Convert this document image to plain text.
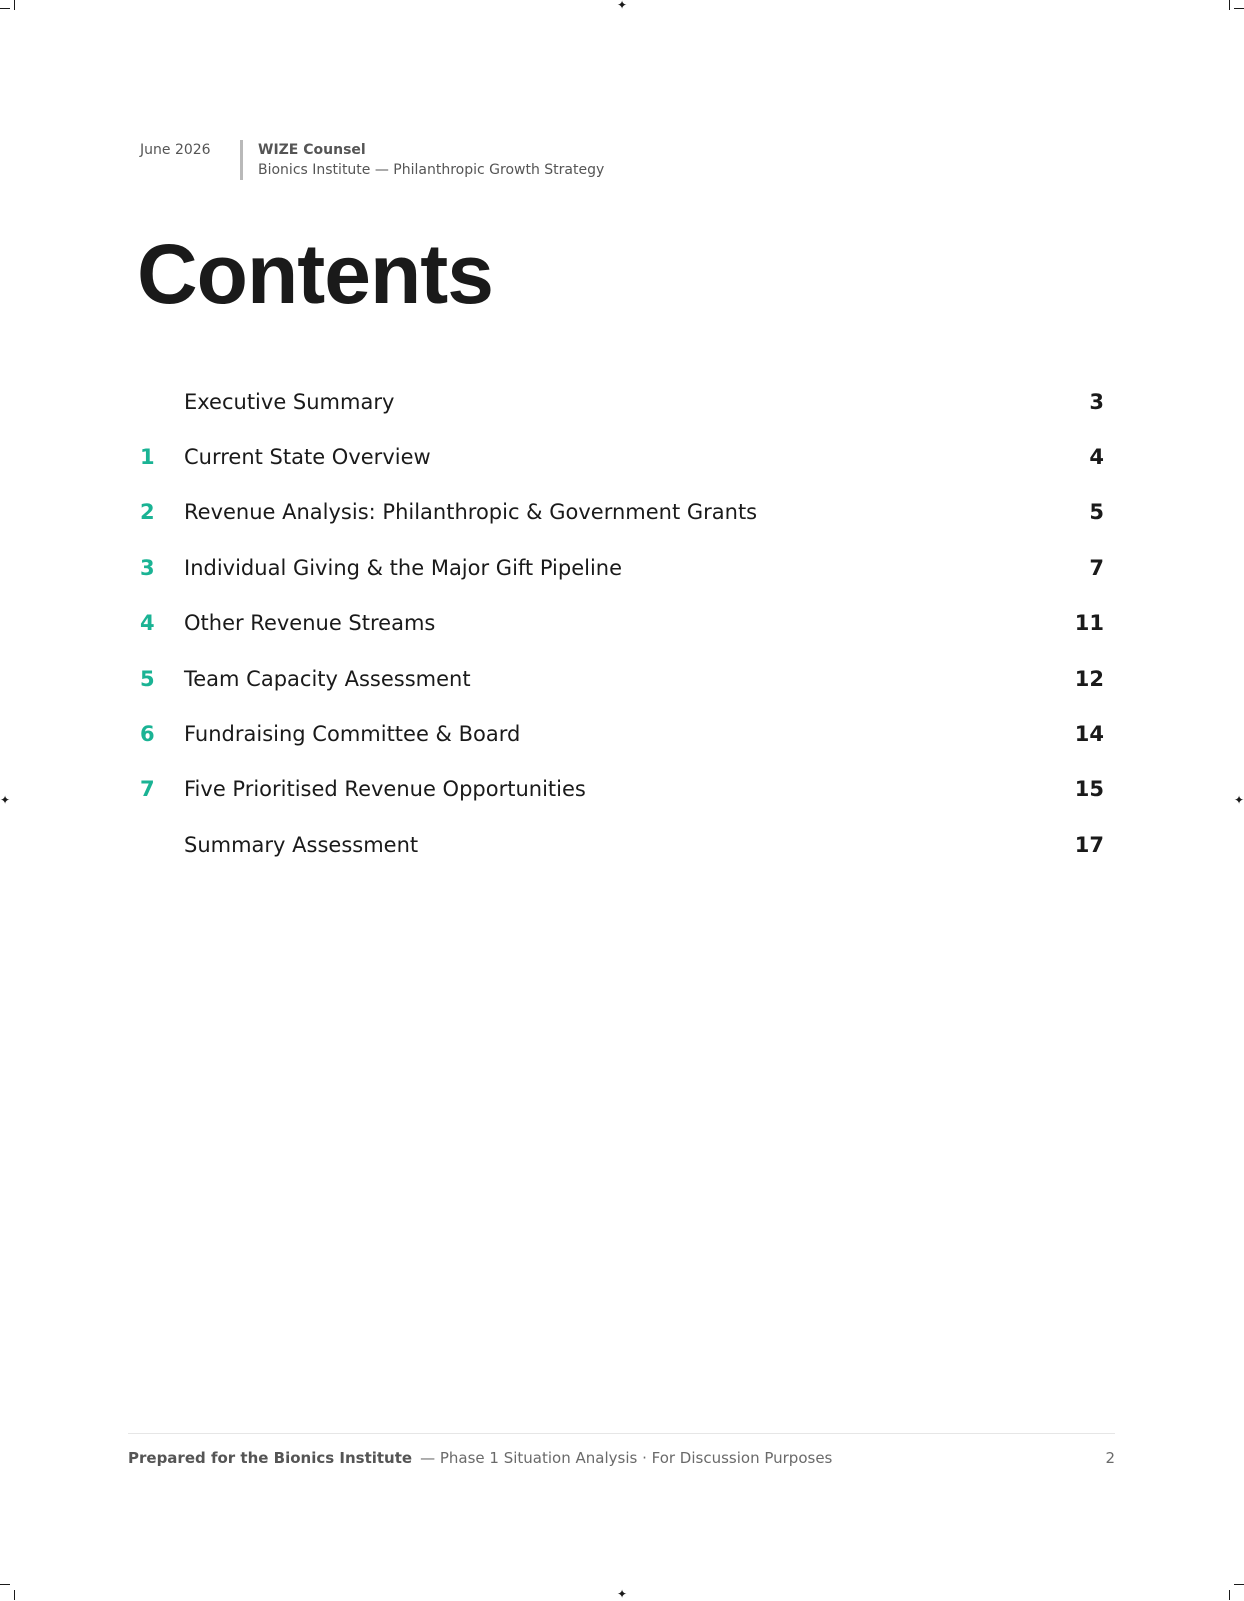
✦
✦
✦	✦
June 2026	WIZE Counsel
Bionics Institute — Philanthropic Growth Strategy
Contents
Executive Summary	3
1	Current State Overview	4
2	Revenue Analysis: Philanthropic & Government Grants	5
3	Individual Giving & the Major Gift Pipeline	7
4	Other Revenue Streams	11
5	Team Capacity Assessment	12
6	Fundraising Committee & Board	14
7	Five Prioritised Revenue Opportunities	15
Summary Assessment	17
Prepared for the Bionics Institute — Phase 1 Situation Analysis · For Discussion Purposes	2
